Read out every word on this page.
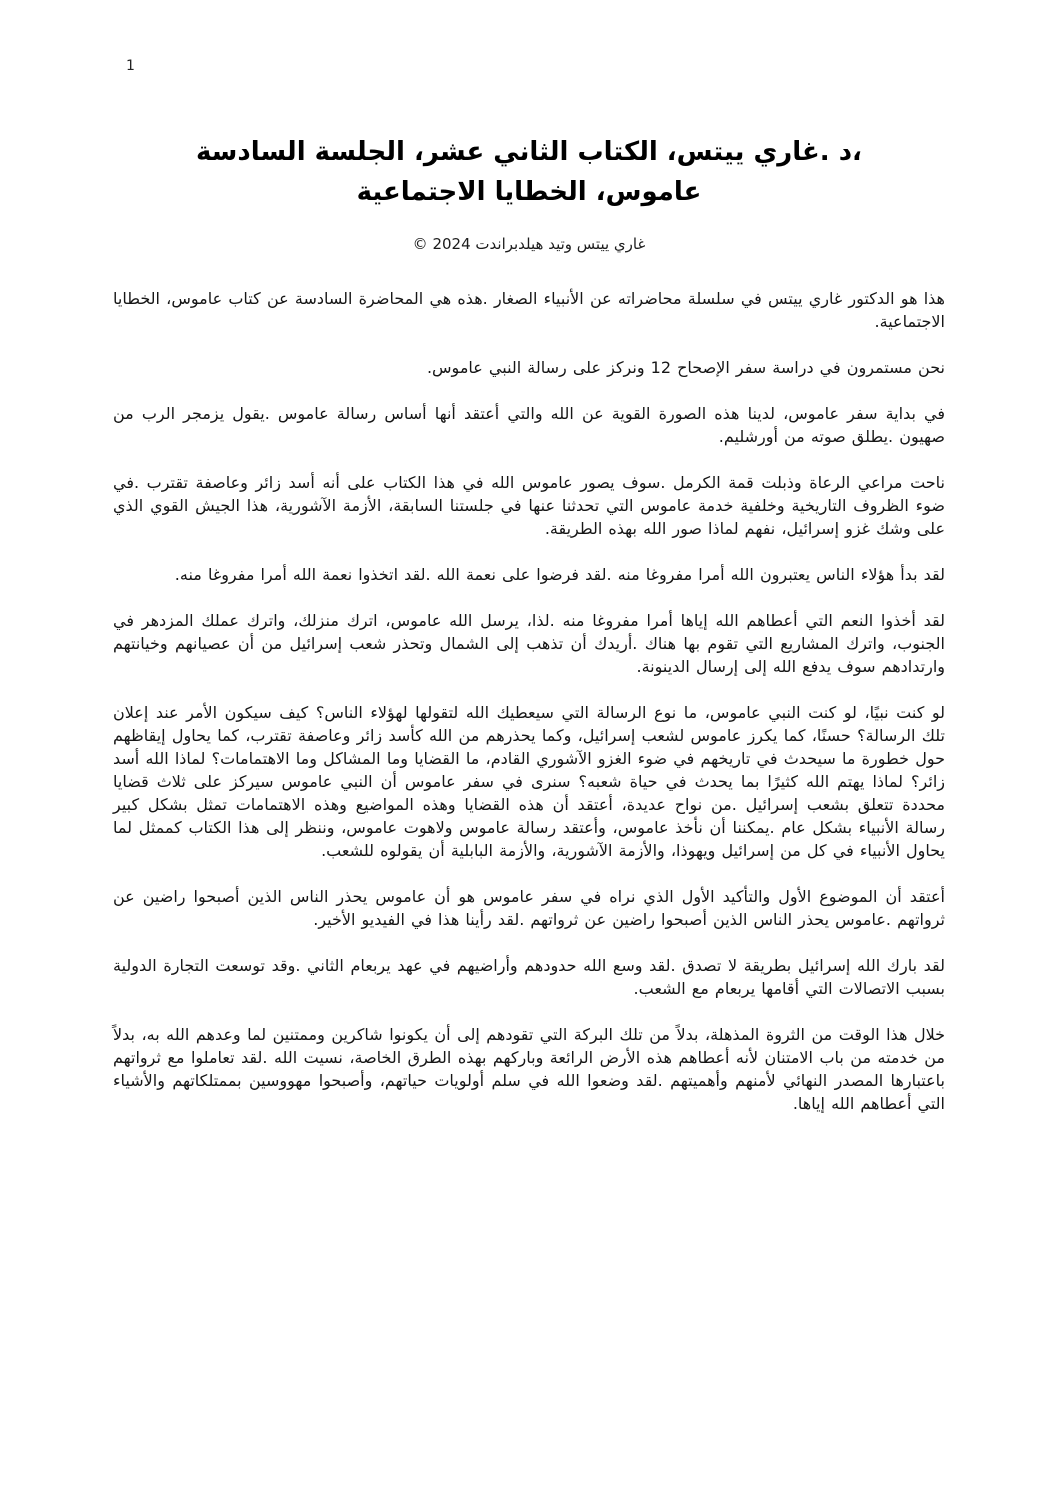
1
،د .غاري ييتس، الكتاب الثاني عشر، الجلسة السادسة
عاموس، الخطايا الاجتماعية
غاري ييتس وتيد هيلدبراندت 2024 ©

هذا هو الدكتور غاري ييتس في سلسلة محاضراته عن الأنبياء الصغار .هذه هي المحاضرة السادسة عن كتاب عاموس، الخطايا الاجتماعية.

نحن مستمرون في دراسة سفر الإصحاح 12 ونركز على رسالة النبي عاموس.

في بداية سفر عاموس، لدينا هذه الصورة القوية عن الله والتي أعتقد أنها أساس رسالة عاموس .يقول يزمجر الرب من صهيون .يطلق صوته من أورشليم.

ناحت مراعي الرعاة وذبلت قمة الكرمل .سوف يصور عاموس الله في هذا الكتاب على أنه أسد زائر وعاصفة تقترب .في ضوء الظروف التاريخية وخلفية خدمة عاموس التي تحدثنا عنها في جلستنا السابقة، الأزمة الآشورية، هذا الجيش القوي الذي على وشك غزو إسرائيل، نفهم لماذا صور الله بهذه الطريقة.

لقد بدأ هؤلاء الناس يعتبرون الله أمرا مفروغا منه .لقد فرضوا على نعمة الله .لقد اتخذوا نعمة الله أمرا مفروغا منه.

لقد أخذوا النعم التي أعطاهم الله إياها أمرا مفروغا منه .لذا، يرسل الله عاموس، اترك منزلك، واترك عملك المزدهر في الجنوب، واترك المشاريع التي تقوم بها هناك .أريدك أن تذهب إلى الشمال وتحذر شعب إسرائيل من أن عصيانهم وخيانتهم وارتدادهم سوف يدفع الله إلى إرسال الدينونة.

لو كنت نبيًا، لو كنت النبي عاموس، ما نوع الرسالة التي سيعطيك الله لتقولها لهؤلاء الناس؟ كيف سيكون الأمر عند إعلان تلك الرسالة؟ حسنًا، كما يكرز عاموس لشعب إسرائيل، وكما يحذرهم من الله كأسد زائر وعاصفة تقترب، كما يحاول إيقاظهم حول خطورة ما سيحدث في تاريخهم في ضوء الغزو الآشوري القادم، ما القضايا وما المشاكل وما الاهتمامات؟ لماذا الله أسد زائر؟ لماذا يهتم الله كثيرًا بما يحدث في حياة شعبه؟ سنرى في سفر عاموس أن النبي عاموس سيركز على ثلاث قضايا محددة تتعلق بشعب إسرائيل .من نواح عديدة، أعتقد أن هذه القضايا وهذه المواضيع وهذه الاهتمامات تمثل بشكل كبير رسالة الأنبياء بشكل عام .يمكننا أن نأخذ عاموس، وأعتقد رسالة عاموس ولاهوت عاموس، وننظر إلى هذا الكتاب كممثل لما يحاول الأنبياء في كل من إسرائيل ويهوذا، والأزمة الآشورية، والأزمة البابلية أن يقولوه للشعب.

أعتقد أن الموضوع الأول والتأكيد الأول الذي نراه في سفر عاموس هو أن عاموس يحذر الناس الذين أصبحوا راضين عن ثرواتهم .عاموس يحذر الناس الذين أصبحوا راضين عن ثرواتهم .لقد رأينا هذا في الفيديو الأخير.

لقد بارك الله إسرائيل بطريقة لا تصدق .لقد وسع الله حدودهم وأراضيهم في عهد يربعام الثاني .وقد توسعت التجارة الدولية بسبب الاتصالات التي أقامها يربعام مع الشعب.

خلال هذا الوقت من الثروة المذهلة، بدلاً من تلك البركة التي تقودهم إلى أن يكونوا شاكرين وممتنين لما وعدهم الله به، بدلاً من خدمته من باب الامتنان لأنه أعطاهم هذه الأرض الرائعة وباركهم بهذه الطرق الخاصة، نسيت الله .لقد تعاملوا مع ثرواتهم باعتبارها المصدر النهائي لأمنهم وأهميتهم .لقد وضعوا الله في سلم أولويات حياتهم، وأصبحوا مهووسين بممتلكاتهم والأشياء التي أعطاهم الله إياها.
